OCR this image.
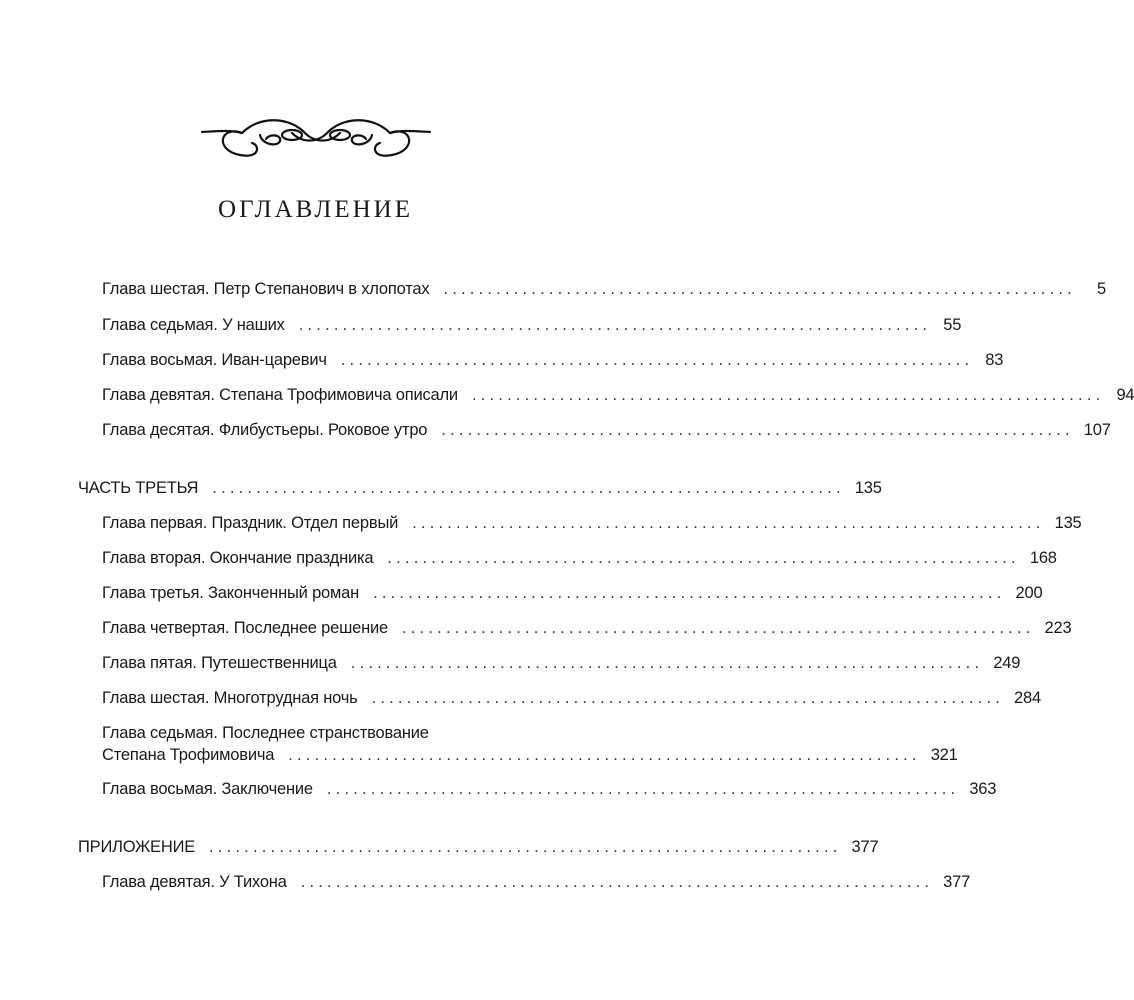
ОГЛАВЛЕНИЕ
Глава шестая. Петр Степанович в хлопотах ........................................................................	5
Глава седьмая. У наших ........................................................................ 55
Глава восьмая. Иван-царевич ........................................................................ 83
Глава девятая. Степана Трофимовича описали ........................................................................ 94
Глава десятая. Флибустьеры. Роковое утро ........................................................................ 107
ЧАСТЬ ТРЕТЬЯ ........................................................................ 135
Глава первая. Праздник. Отдел первый ........................................................................ 135
Глава вторая. Окончание праздника ........................................................................ 168
Глава третья. Законченный роман ........................................................................ 200
Глава четвертая. Последнее решение ........................................................................ 223
Глава пятая. Путешественница ........................................................................ 249
Глава шестая. Многотрудная ночь ........................................................................ 284
Глава седьмая. Последнее странствование
Степана Трофимовича ........................................................................ 321
Глава восьмая. Заключение ........................................................................ 363
ПРИЛОЖЕНИЕ ........................................................................ 377
Глава девятая. У Тихона ........................................................................ 377
